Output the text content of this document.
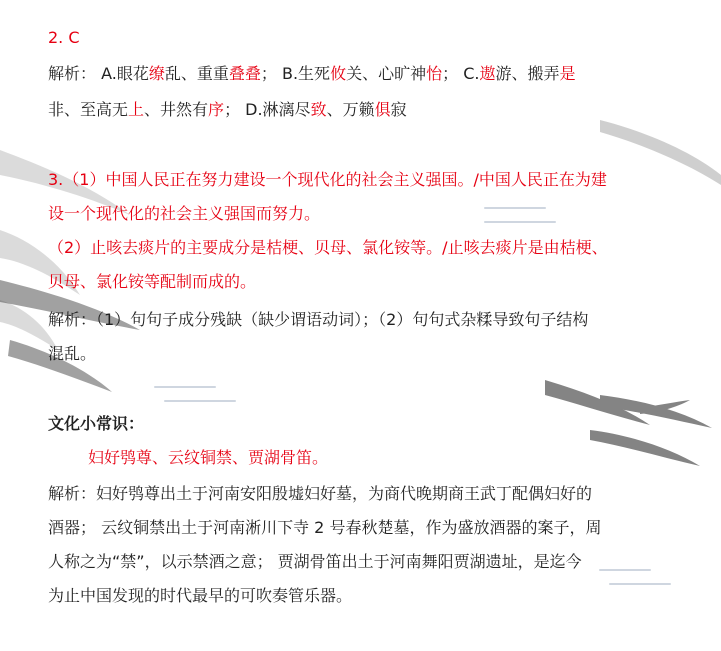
2. C
解析： A.眼花缭乱、重重叠叠； B.生死攸关、心旷神怡； C.遨游、搬弄是
非、至高无上、井然有序； D.淋漓尽致、万籁俱寂
3.（1）中国人民正在努力建设一个现代化的社会主义强国。/中国人民正在为建
设一个现代化的社会主义强国而努力。
（2）止咳去痰片的主要成分是桔梗、贝母、氯化铵等。/止咳去痰片是由桔梗、
贝母、氯化铵等配制而成的。
解析：（1）句句子成分残缺（缺少谓语动词）；（2）句句式杂糅导致句子结构
混乱。
文化小常识：
妇好鸮尊、云纹铜禁、贾湖骨笛。
解析：妇好鸮尊出土于河南安阳殷墟妇好墓，为商代晚期商王武丁配偶妇好的
酒器； 云纹铜禁出土于河南淅川下寺 2 号春秋楚墓，作为盛放酒器的案子，周
人称之为“禁”，以示禁酒之意； 贾湖骨笛出土于河南舞阳贾湖遗址，是迄今
为止中国发现的时代最早的可吹奏管乐器。
